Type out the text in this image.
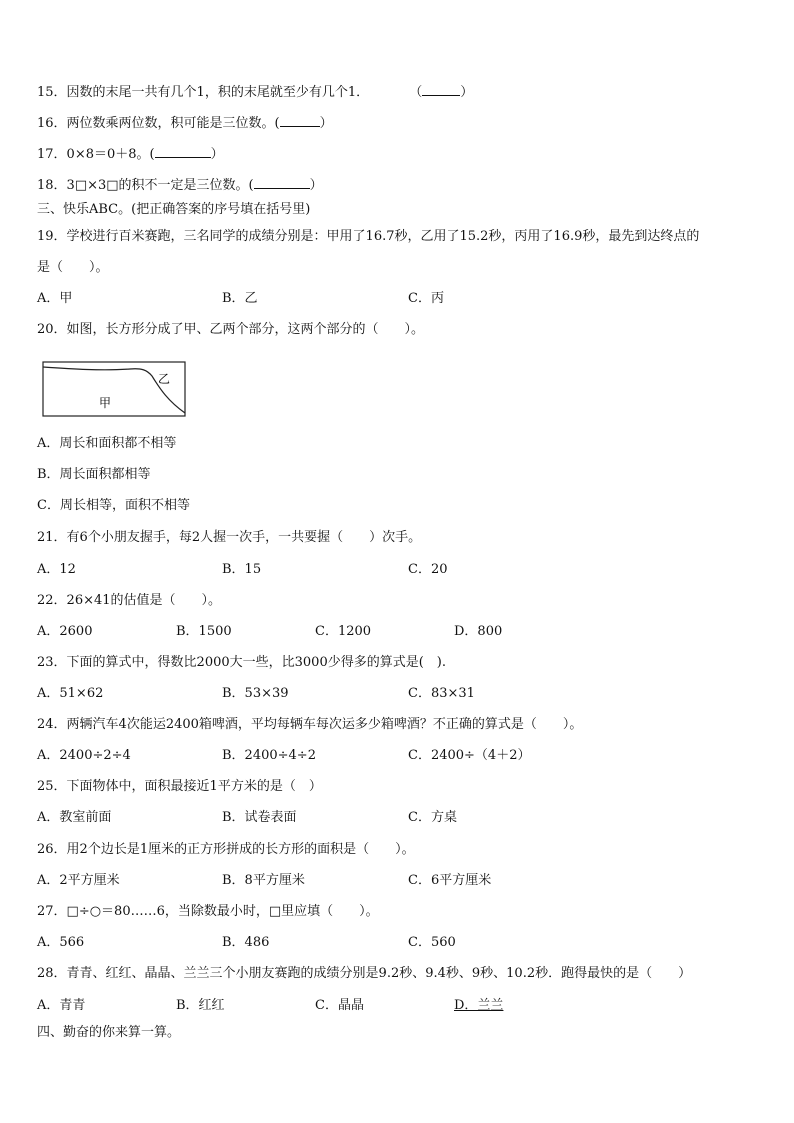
15．因数的末尾一共有几个1，积的末尾就至少有几个1．	（	）
16．两位数乘两位数，积可能是三位数。(	）
17．0×8＝0＋8。(	）
18．3□×3□的积不一定是三位数。(	）
三、快乐ABC。(把正确答案的序号填在括号里)
19．学校进行百米赛跑，三名同学的成绩分别是：甲用了16.7秒，乙用了15.2秒，丙用了16.9秒，最先到达终点的
是（　　）。
A．甲	B．乙	C．丙
20．如图，长方形分成了甲、乙两个部分，这两个部分的（　　）。
乙
甲
A．周长和面积都不相等
B．周长面积都相等
C．周长相等，面积不相等
21．有6个小朋友握手，每2人握一次手，一共要握（　　）次手。
A．12	B．15	C．20
22．26×41的估值是（　　）。
A．2600	B．1500	C．1200	D．800
23．下面的算式中，得数比2000大一些，比3000少得多的算式是(　).
A．51×62	B．53×39	C．83×31
24．两辆汽车4次能运2400箱啤酒，平均每辆车每次运多少箱啤酒？不正确的算式是（　　）。
A．2400÷2÷4	B．2400÷4÷2	C．2400÷（4＋2）
25．下面物体中，面积最接近1平方米的是（　）
A．教室前面	B．试卷表面	C．方桌
26．用2个边长是1厘米的正方形拼成的长方形的面积是（　　）。
A．2平方厘米	B．8平方厘米	C．6平方厘米
27．□÷○＝80……6，当除数最小时，□里应填（　　）。
A．566	B．486	C．560
28．青青、红红、晶晶、兰兰三个小朋友赛跑的成绩分别是9.2秒、9.4秒、9秒、10.2秒．跑得最快的是（　　）
A．青青	B．红红	C．晶晶	D．兰兰
四、勤奋的你来算一算。
